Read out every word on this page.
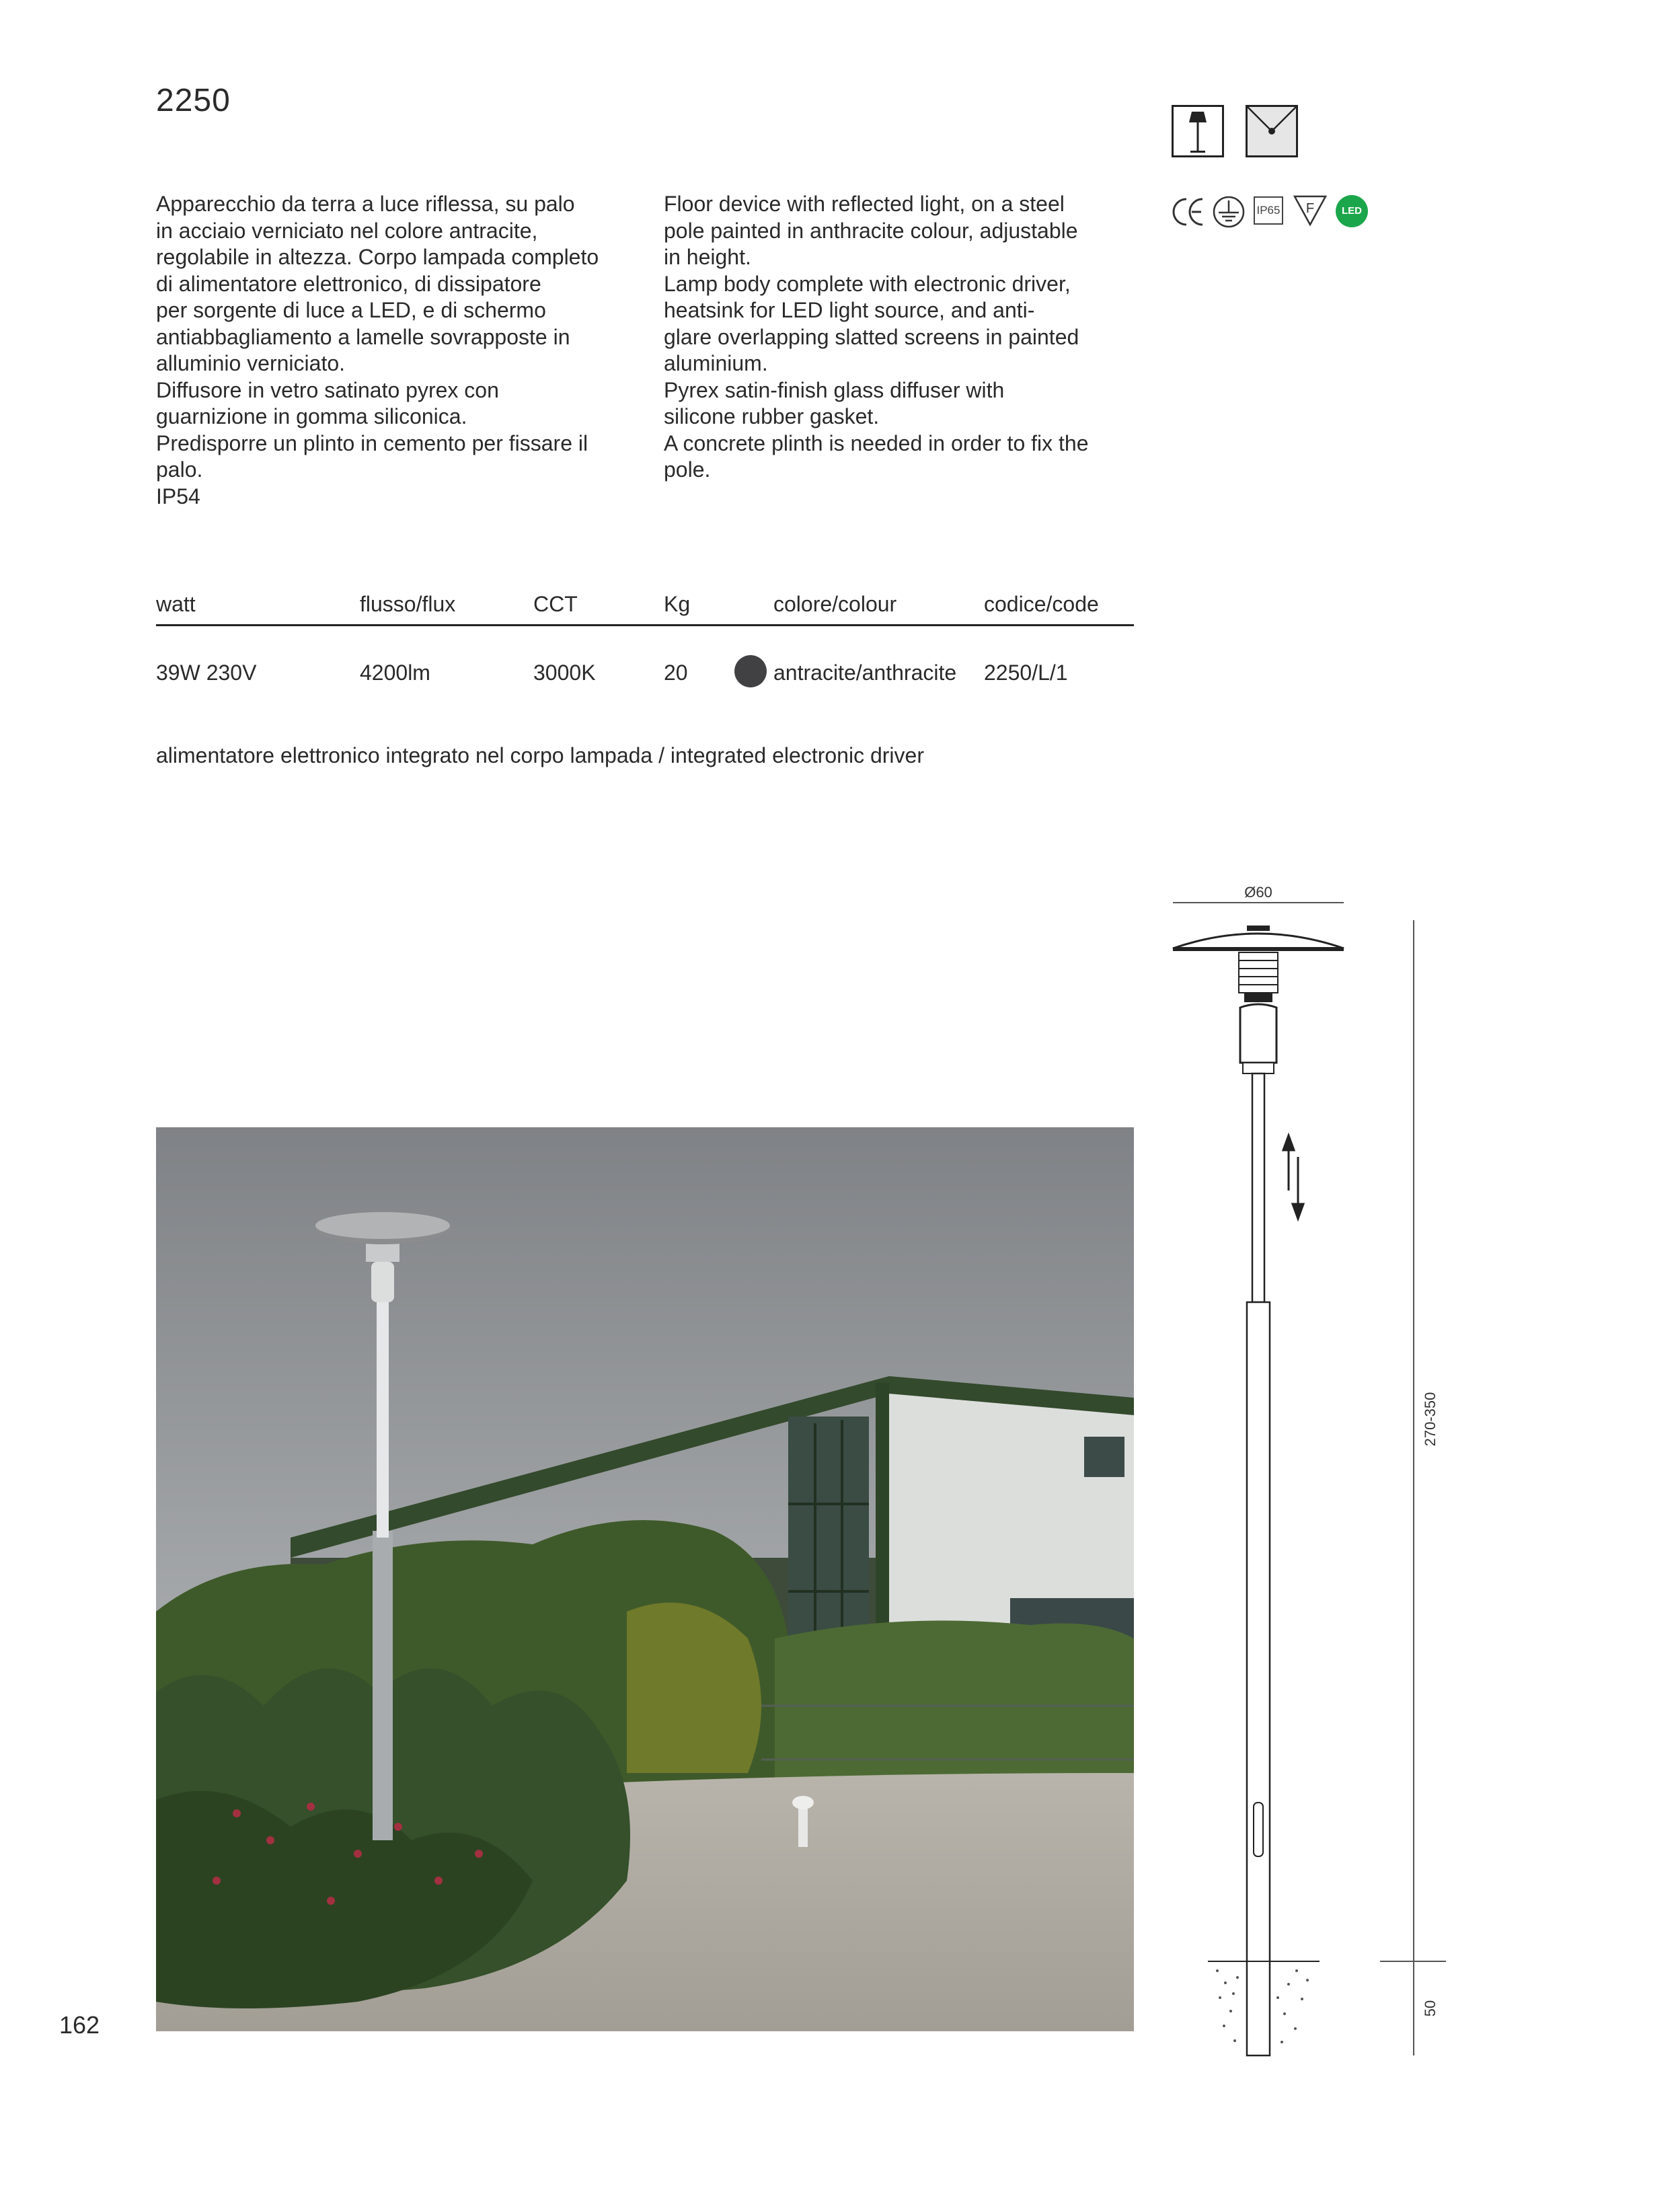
2250
IP65 F	LED
Apparecchio da terra a luce riflessa, su palo
in acciaio verniciato nel colore antracite,
regolabile in altezza. Corpo lampada completo
di alimentatore elettronico, di dissipatore
per sorgente di luce a LED, e di schermo
antiabbagliamento a lamelle sovrapposte in
alluminio verniciato.
Diffusore in vetro satinato pyrex con
guarnizione in gomma siliconica.
Predisporre un plinto in cemento per fissare il
palo.
IP54
Floor device with reflected light, on a steel
pole painted in anthracite colour, adjustable
in height.
Lamp body complete with electronic driver,
heatsink for LED light source, and anti-
glare overlapping slatted screens in painted
aluminium.
Pyrex satin-finish glass diffuser with
silicone rubber gasket.
A concrete plinth is needed in order to fix the
pole.
watt	flusso/flux	CCT	Kg	colore/colour	codice/code
39W 230V	4200lm	3000K	20	antracite/anthracite 2250/L/1
alimentatore elettronico integrato nel corpo lampada / integrated electronic driver
Ø60
270-350
50
162
